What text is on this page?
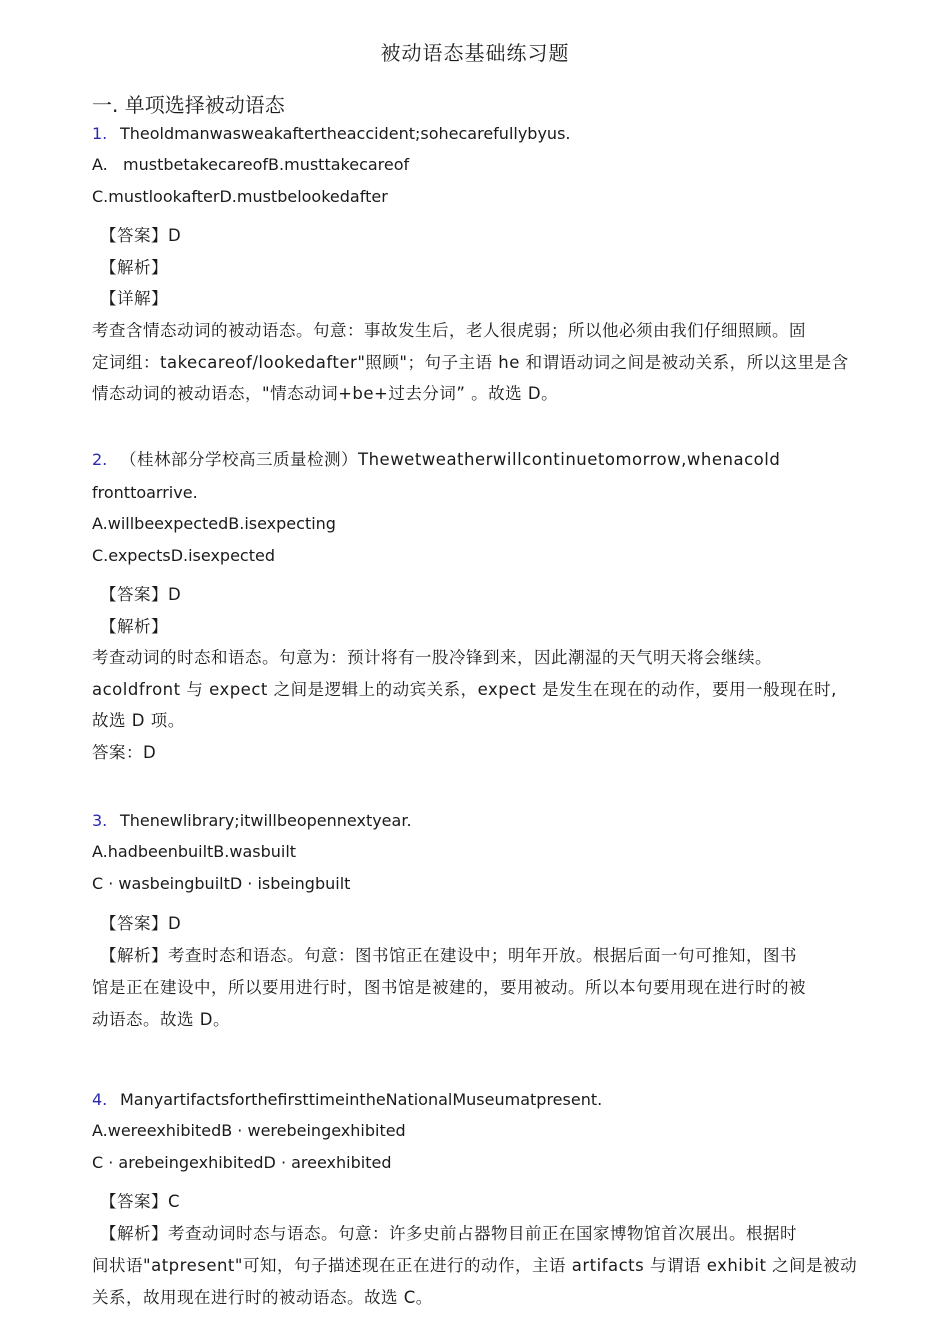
被动语态基础练习题
一. 单项选择被动语态
1. Theoldmanwasweakaftertheaccident;sohecarefullybyus.
A.   mustbetakecareofB.musttakecareof
C.mustlookafterD.mustbelookedafter
【答案】D
【解析】
【详解】
考查含情态动词的被动语态。句意：事故发生后，老人很虎弱；所以他必须由我们仔细照顾。固
定词组：takecareof/lookedafter"照顾"；句子主语 he 和谓语动词之间是被动关系，所以这里是含
情态动词的被动语态，"情态动词+be+过去分词” 。故选 D。
2. （桂林部分学校高三质量检测）Thewetweatherwillcontinuetomorrow,whenacold
fronttoarrive.
A.willbeexpectedB.isexpecting
C.expectsD.isexpected
【答案】D
【解析】
考查动词的时态和语态。句意为：预计将有一股冷锋到来，因此潮湿的天气明天将会继续。
acoldfront 与 expect 之间是逻辑上的动宾关系，expect 是发生在现在的动作，要用一般现在时,
故选 D 项。
答案：D
3. Thenewlibrary;itwillbeopennextyear.
A.hadbeenbuiltB.wasbuilt
C · wasbeingbuiltD · isbeingbuilt
【答案】D
【解析】考查时态和语态。句意：图书馆正在建设中；明年开放。根据后面一句可推知，图书
馆是正在建设中，所以要用进行时，图书馆是被建的，要用被动。所以本句要用现在进行时的被
动语态。故选 D。
4. ManyartifactsforthefirsttimeintheNationalMuseumatpresent.
A.wereexhibitedB · werebeingexhibited
C · arebeingexhibitedD · areexhibited
【答案】C
【解析】考查动词时态与语态。句意：许多史前占器物目前正在国家博物馆首次展出。根据时
间状语"atpresent"可知，句子描述现在正在进行的动作，主语 artifacts 与谓语 exhibit 之间是被动
关系，故用现在进行时的被动语态。故选 C。
